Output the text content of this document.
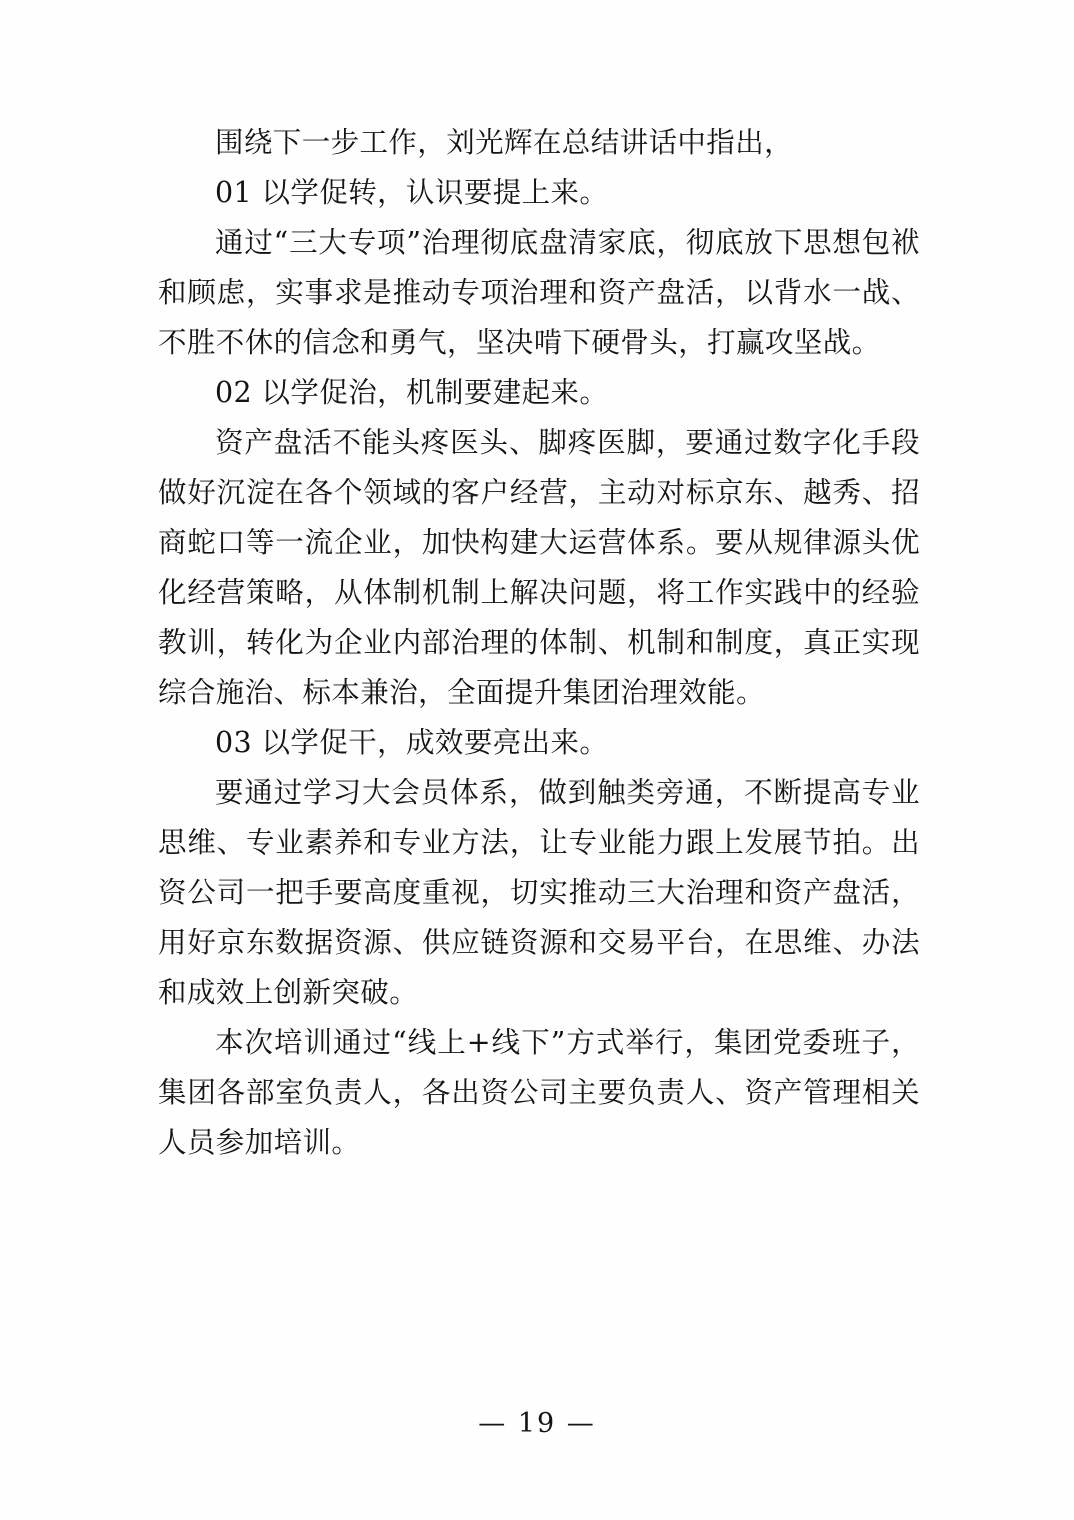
围绕下一步工作，刘光辉在总结讲话中指出，

01 以学促转，认识要提上来。

通过“三大专项”治理彻底盘清家底，彻底放下思想包袱和顾虑，实事求是推动专项治理和资产盘活，以背水一战、不胜不休的信念和勇气，坚决啃下硬骨头，打赢攻坚战。

02 以学促治，机制要建起来。

资产盘活不能头疼医头、脚疼医脚，要通过数字化手段做好沉淀在各个领域的客户经营，主动对标京东、越秀、招商蛇口等一流企业，加快构建大运营体系。要从规律源头优化经营策略，从体制机制上解决问题，将工作实践中的经验教训，转化为企业内部治理的体制、机制和制度，真正实现综合施治、标本兼治，全面提升集团治理效能。

03 以学促干，成效要亮出来。

要通过学习大会员体系，做到触类旁通，不断提高专业思维、专业素养和专业方法，让专业能力跟上发展节拍。出资公司一把手要高度重视，切实推动三大治理和资产盘活，用好京东数据资源、供应链资源和交易平台，在思维、办法和成效上创新突破。

本次培训通过“线上+线下”方式举行，集团党委班子，集团各部室负责人，各出资公司主要负责人、资产管理相关人员参加培训。

— 19 —
